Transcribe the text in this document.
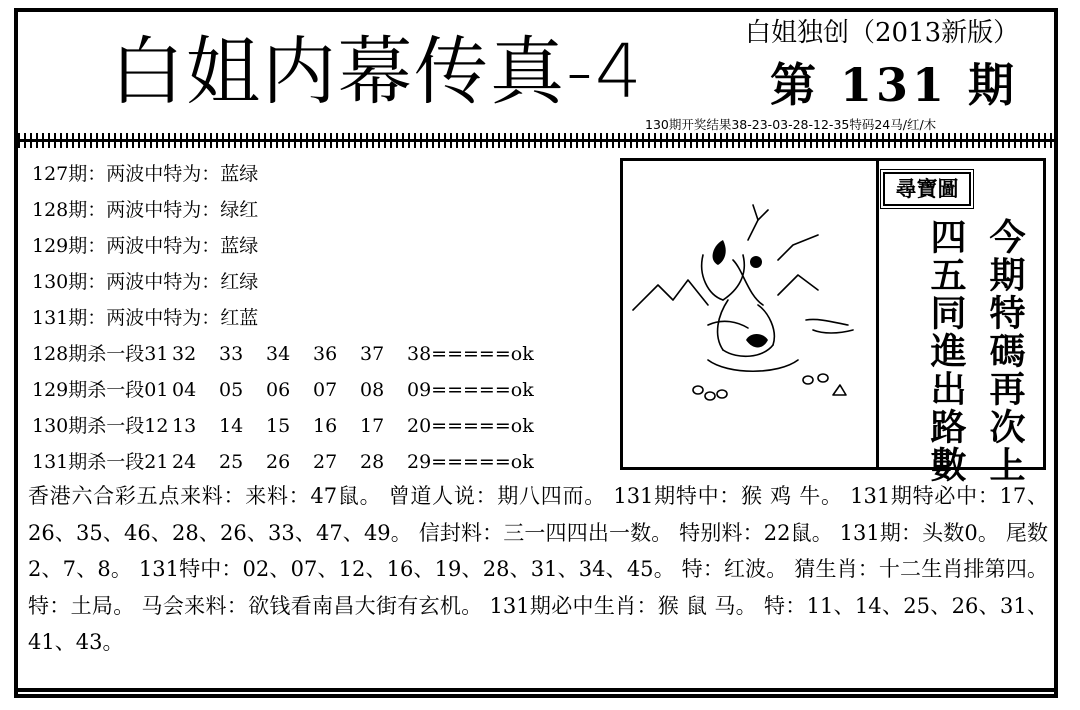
白姐内幕传真-4	白姐独创（2013新版）
第 131 期
130期开奖结果38-23-03-28-12-35特码24马/红/木
127期：两波中特为：蓝绿
128期：两波中特为：绿红
129期：两波中特为：蓝绿
130期：两波中特为：红绿
131期：两波中特为：红蓝
128期杀一段31 32	33	34	36	37	38=====ok
129期杀一段01 04	05	06	07	08	09=====ok
130期杀一段12 13	14	15	16	17	20=====ok
131期杀一段21 24	25	26	27	28	29=====ok
尋寶圖
今期特碼再次上
四五同進出路數
香港六合彩五点来料：来料：47鼠。 曾道人说：期八四而。 131期特中：猴 鸡 牛。 131期特必中：17、26、35、46、28、26、33、47、49。 信封料：三一四四出一数。 特别料：22鼠。 131期：头数0。 尾数2、7、8。 131特中：02、07、12、16、19、28、31、34、45。 特：红波。 猜生肖：十二生肖排第四。 特：土局。 马会来料：欲钱看南昌大街有玄机。 131期必中生肖：猴 鼠 马。 特：11、14、25、26、31、41、43。
